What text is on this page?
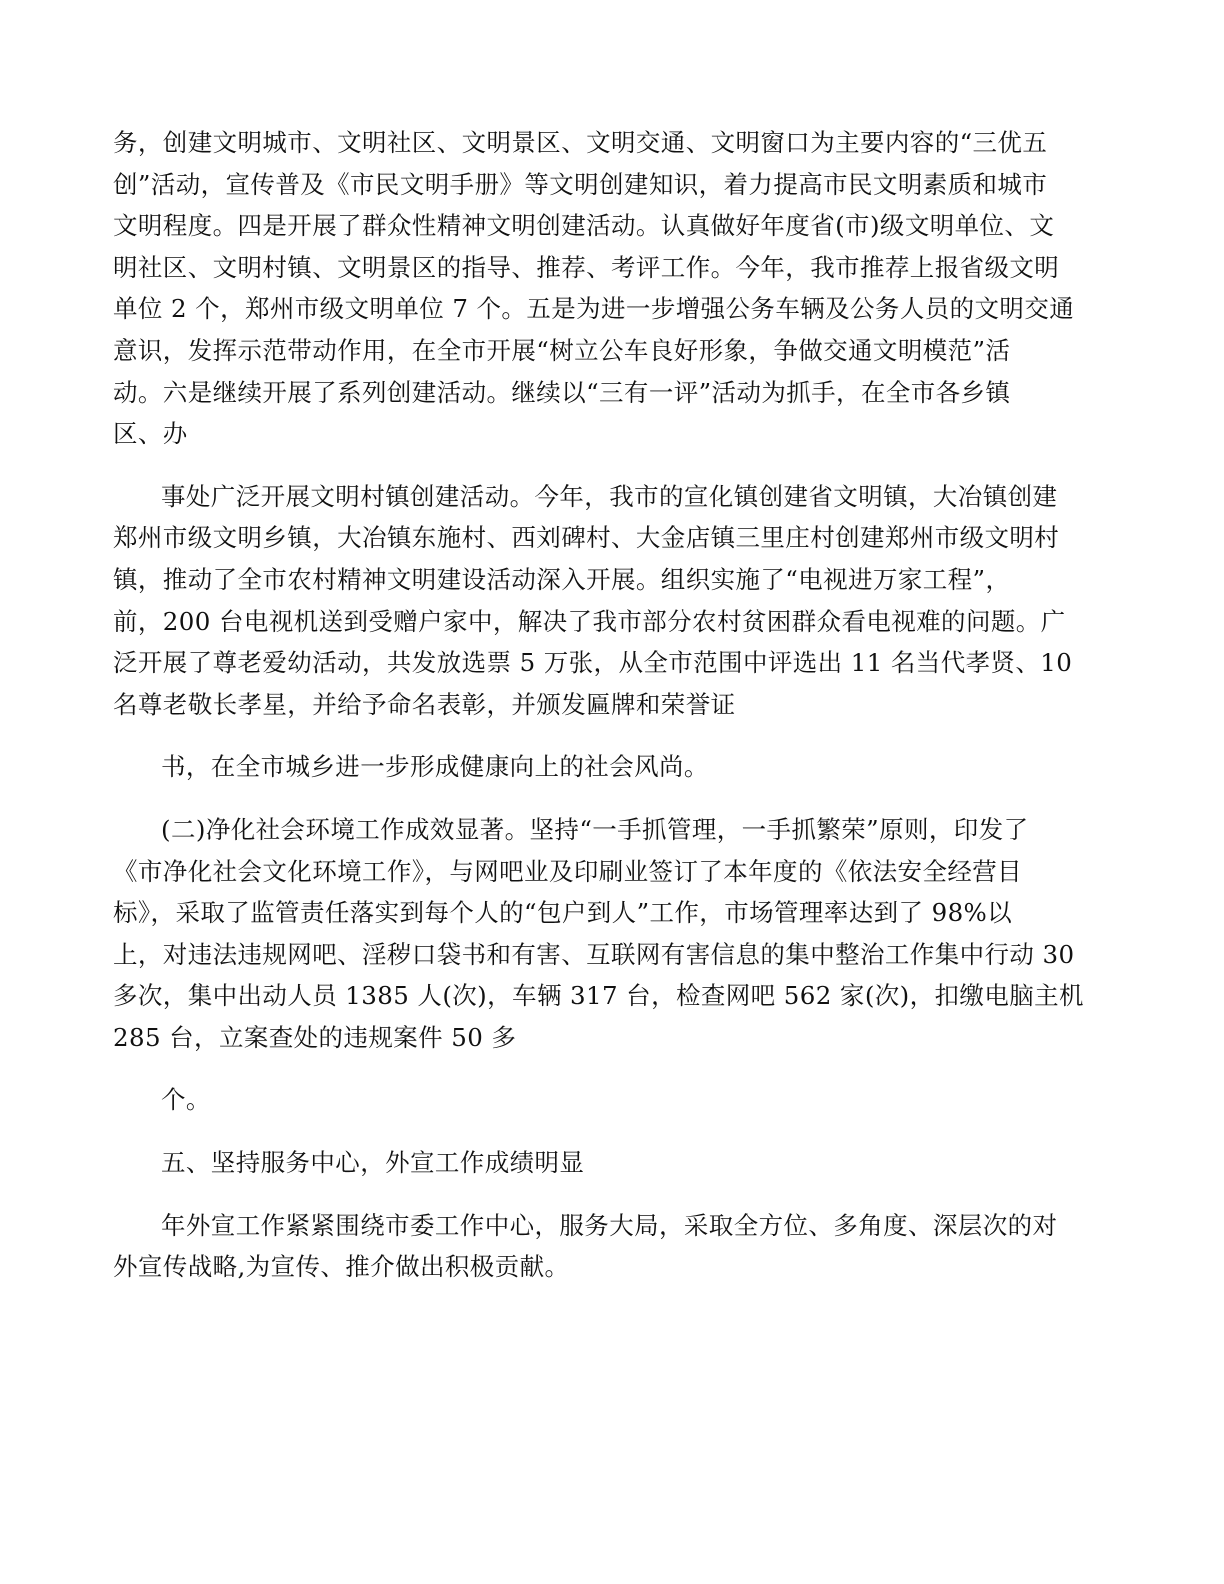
务，创建文明城市、文明社区、文明景区、文明交通、文明窗口为主要内容的“三优五
创”活动，宣传普及《市民文明手册》等文明创建知识，着力提高市民文明素质和城市
文明程度。四是开展了群众性精神文明创建活动。认真做好年度省(市)级文明单位、文
明社区、文明村镇、文明景区的指导、推荐、考评工作。今年，我市推荐上报省级文明
单位 2 个，郑州市级文明单位 7 个。五是为进一步增强公务车辆及公务人员的文明交通
意识，发挥示范带动作用，在全市开展“树立公车良好形象，争做交通文明模范”活
动。六是继续开展了系列创建活动。继续以“三有一评”活动为抓手，在全市各乡镇
区、办

事处广泛开展文明村镇创建活动。今年，我市的宣化镇创建省文明镇，大冶镇创建
郑州市级文明乡镇，大冶镇东施村、西刘碑村、大金店镇三里庄村创建郑州市级文明村
镇，推动了全市农村精神文明建设活动深入开展。组织实施了“电视进万家工程”，
前，200 台电视机送到受赠户家中，解决了我市部分农村贫困群众看电视难的问题。广
泛开展了尊老爱幼活动，共发放选票 5 万张，从全市范围中评选出 11 名当代孝贤、10
名尊老敬长孝星，并给予命名表彰，并颁发匾牌和荣誉证

书，在全市城乡进一步形成健康向上的社会风尚。

(二)净化社会环境工作成效显著。坚持“一手抓管理，一手抓繁荣”原则，印发了
《市净化社会文化环境工作》，与网吧业及印刷业签订了本年度的《依法安全经营目
标》，采取了监管责任落实到每个人的“包户到人”工作，市场管理率达到了 98%以
上，对违法违规网吧、淫秽口袋书和有害、互联网有害信息的集中整治工作集中行动 30
多次，集中出动人员 1385 人(次)，车辆 317 台，检查网吧 562 家(次)，扣缴电脑主机
285 台，立案查处的违规案件 50 多

个。

五、坚持服务中心，外宣工作成绩明显

年外宣工作紧紧围绕市委工作中心，服务大局，采取全方位、多角度、深层次的对
外宣传战略,为宣传、推介做出积极贡献。
